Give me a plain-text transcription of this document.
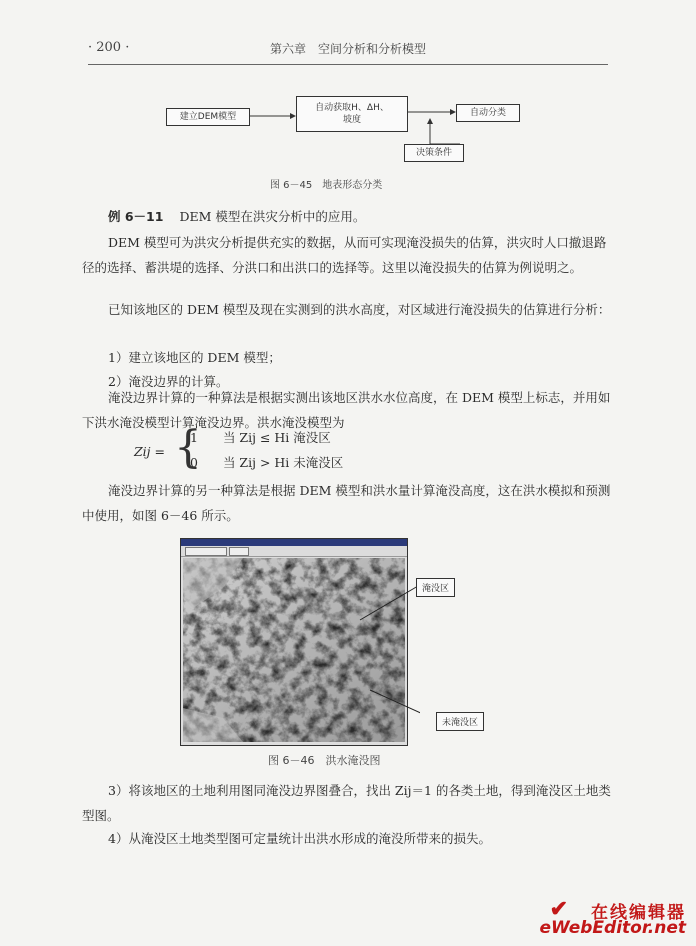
· 200 ·	第六章　空间分析和分析模型
建立DEM模型
自动获取H、ΔH、
坡度
自动分类
决策条件
图 6－45　地表形态分类
例 6－11 DEM 模型在洪灾分析中的应用。

DEM 模型可为洪灾分析提供充实的数据，从而可实现淹没损失的估算，洪灾时人口撤退路径的选择、蓄洪堤的选择、分洪口和出洪口的选择等。这里以淹没损失的估算为例说明之。

已知该地区的 DEM 模型及现在实测到的洪水高度，对区域进行淹没损失的估算进行分析：

1）建立该地区的 DEM 模型；

2）淹没边界的计算。

淹没边界计算的一种算法是根据实测出该地区洪水水位高度，在 DEM 模型上标志，并用如下洪水淹没模型计算淹没边界。洪水淹没模型为

Zij = {
1　　当 Zij ≤ Hi 淹没区
0　　当 Zij > Hi 未淹没区

淹没边界计算的另一种算法是根据 DEM 模型和洪水量计算淹没高度，这在洪水模拟和预测中使用，如图 6－46 所示。

淹没区
未淹没区
图 6－46　洪水淹没图

3）将该地区的土地利用图同淹没边界图叠合，找出 Zij＝1 的各类土地，得到淹没区土地类型图。

4）从淹没区土地类型图可定量统计出洪水形成的淹没所带来的损失。

✔ 在线编辑器
eWebEditor.net
